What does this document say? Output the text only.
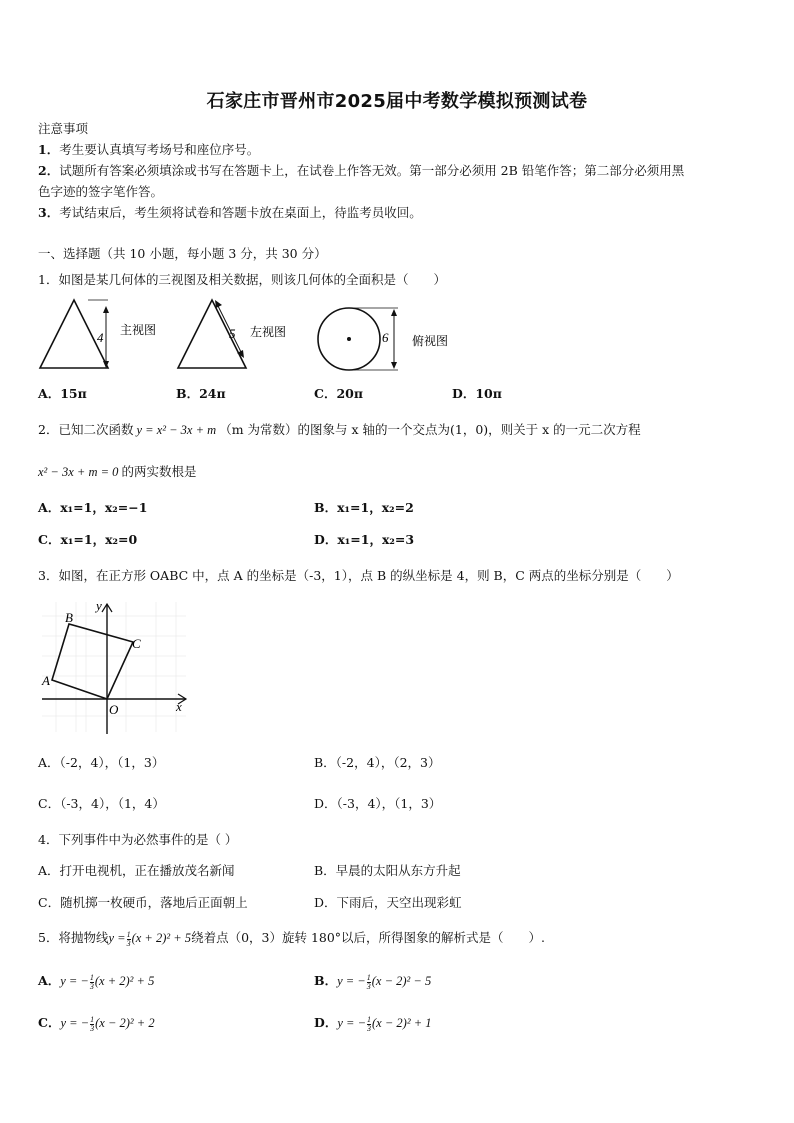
石家庄市晋州市2025届中考数学模拟预测试卷
注意事项
1．考生要认真填写考场号和座位序号。
2．试题所有答案必须填涂或书写在答题卡上，在试卷上作答无效。第一部分必须用 2B 铅笔作答；第二部分必须用黑
色字迹的签字笔作答。
3．考试结束后，考生须将试卷和答题卡放在桌面上，待监考员收回。
一、选择题（共 10 小题，每小题 3 分，共 30 分）
1．如图是某几何体的三视图及相关数据，则该几何体的全面积是（　　）
4 主视图	5 左视图	6 俯视图
A．15π	B．24π	C．20π	D．10π
2．已知二次函数 y = x² − 3x + m （m 为常数）的图象与 x 轴的一个交点为(1，0)，则关于 x 的一元二次方程
x² − 3x + m = 0 的两实数根是
A．x₁=1，x₂=−1	B．x₁=1，x₂=2
C．x₁=1，x₂=0	D．x₁=1，x₂=3
3．如图，在正方形 OABC 中，点 A 的坐标是（-3，1），点 B 的纵坐标是 4，则 B，C 两点的坐标分别是（　　）
A
B
C
O	x
y
A．（-2，4），（1，3）	B．（-2，4），（2，3）
C．（-3，4），（1，4）	D．（-3，4），（1，3）
4．下列事件中为必然事件的是（ ）
A．打开电视机，正在播放茂名新闻	B．早晨的太阳从东方升起
C．随机掷一枚硬币，落地后正面朝上	D．下雨后，天空出现彩虹
5．将抛物线$y = \frac{1}{3} (x + 2)^2 + 5$绕着点（0，3）旋转 180°以后，所得图象的解析式是（　　）.
A．y = − $\frac{1}{3} (x + 2)^2 + 5$	B．y = − $\frac{1}{3} (x - 2)^2 - 5$
C．y = − $\frac{1}{3} (x - 2)^2 + 2$	D．y = − $\frac{1}{3} (x - 2)^2 + 1$
